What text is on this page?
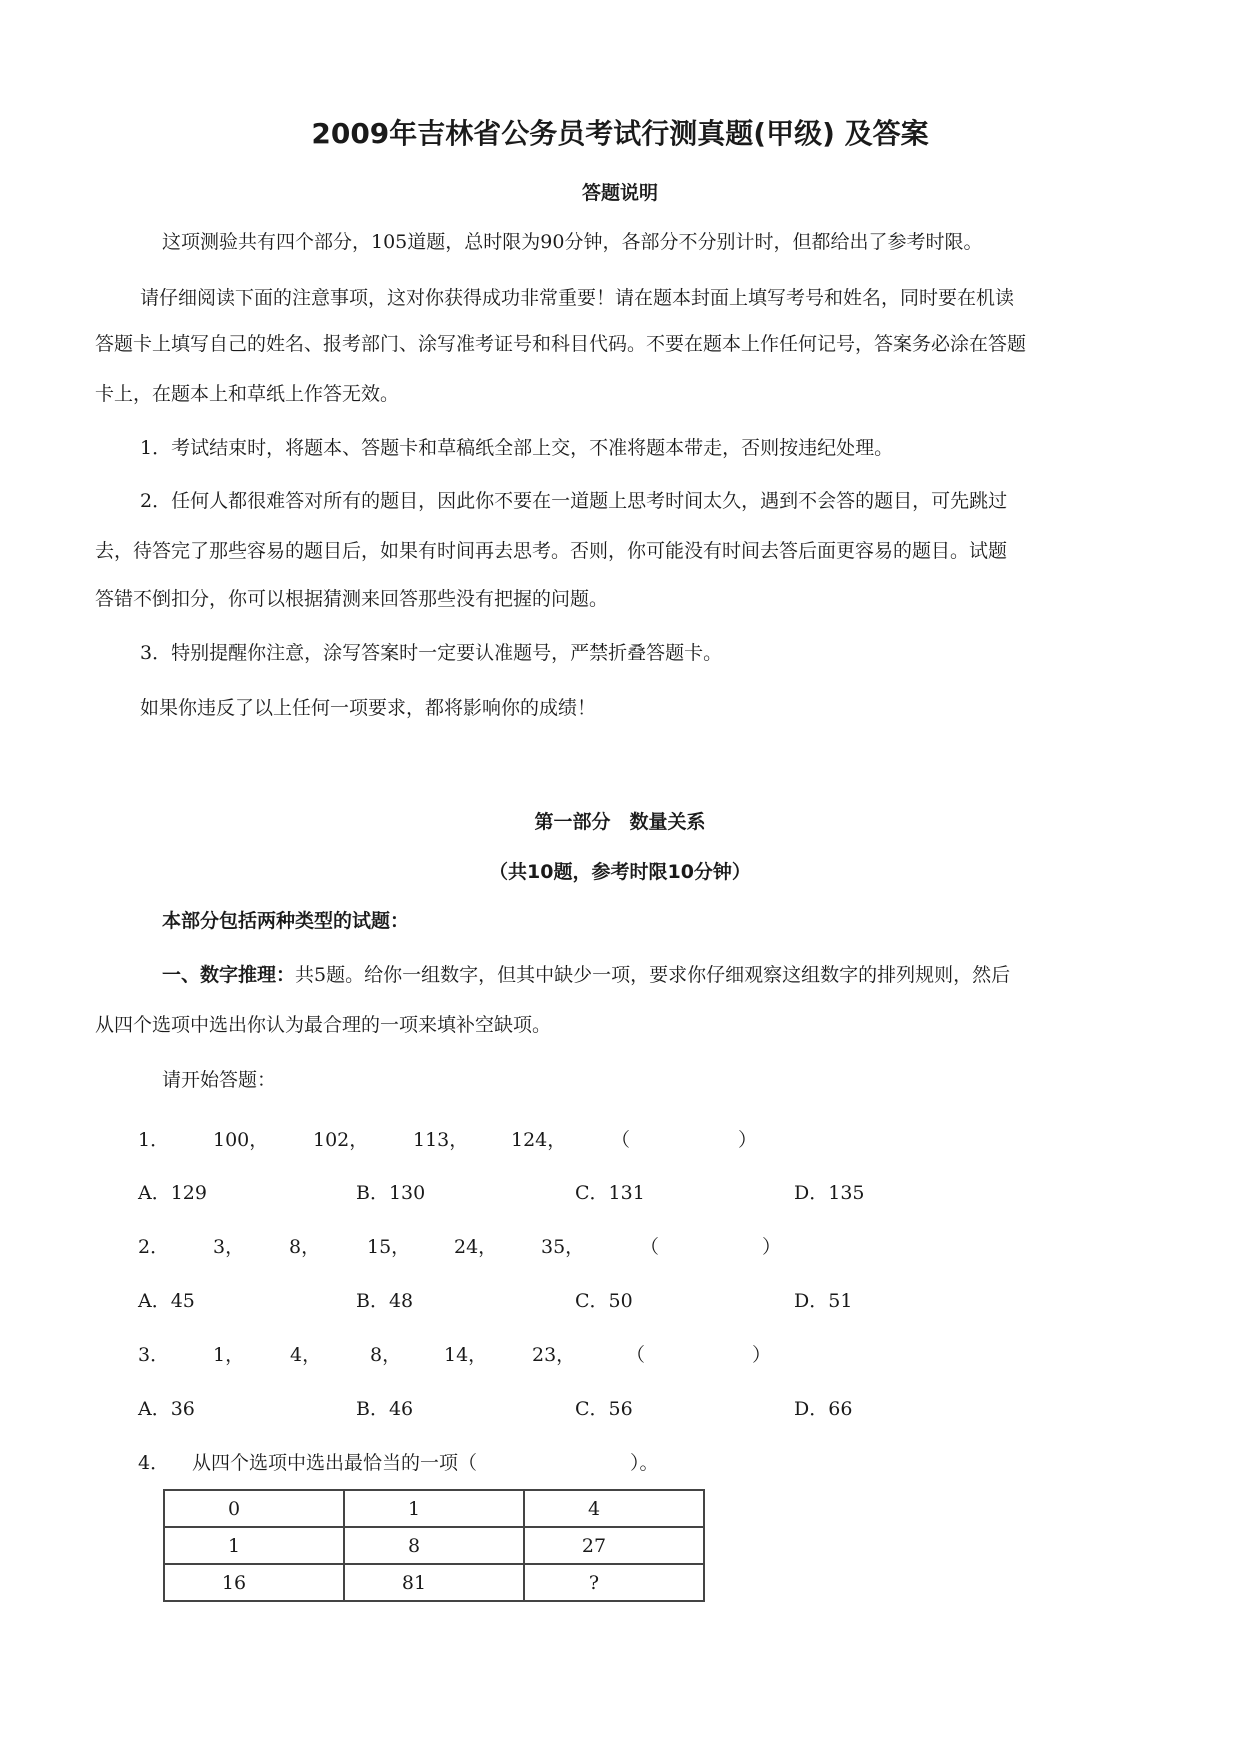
2009年吉林省公务员考试行测真题(甲级) 及答案

答题说明

这项测验共有四个部分，105道题，总时限为90分钟，各部分不分别计时，但都给出了参考时限。

请仔细阅读下面的注意事项，这对你获得成功非常重要！请在题本封面上填写考号和姓名，同时要在机读

答题卡上填写自己的姓名、报考部门、涂写准考证号和科目代码。不要在题本上作任何记号，答案务必涂在答题

卡上，在题本上和草纸上作答无效。

1．考试结束时，将题本、答题卡和草稿纸全部上交，不准将题本带走，否则按违纪处理。

2．任何人都很难答对所有的题目，因此你不要在一道题上思考时间太久，遇到不会答的题目，可先跳过

去，待答完了那些容易的题目后，如果有时间再去思考。否则，你可能没有时间去答后面更容易的题目。试题

答错不倒扣分，你可以根据猜测来回答那些没有把握的问题。

3．特别提醒你注意，涂写答案时一定要认准题号，严禁折叠答题卡。

如果你违反了以上任何一项要求，都将影响你的成绩！

第一部分　数量关系

（共10题，参考时限10分钟）

本部分包括两种类型的试题：

一、数字推理：共5题。给你一组数字，但其中缺少一项，要求你仔细观察这组数字的排列规则，然后

从四个选项中选出你认为最合理的一项来填补空缺项。

请开始答题：

1． 100， 102， 113， 124， （	）
A．129	B．130	C．131	D．135
2． 3， 8， 15， 24， 35，	（	）
A．45	B．48	C．50	D．51
3． 1， 4，	8， 14， 23，	（	）
A．36	B．46	C．56	D．66
4． 从四个选项中选出最恰当的一项（	）。
0	1	4
1	8	27
16	81	?
